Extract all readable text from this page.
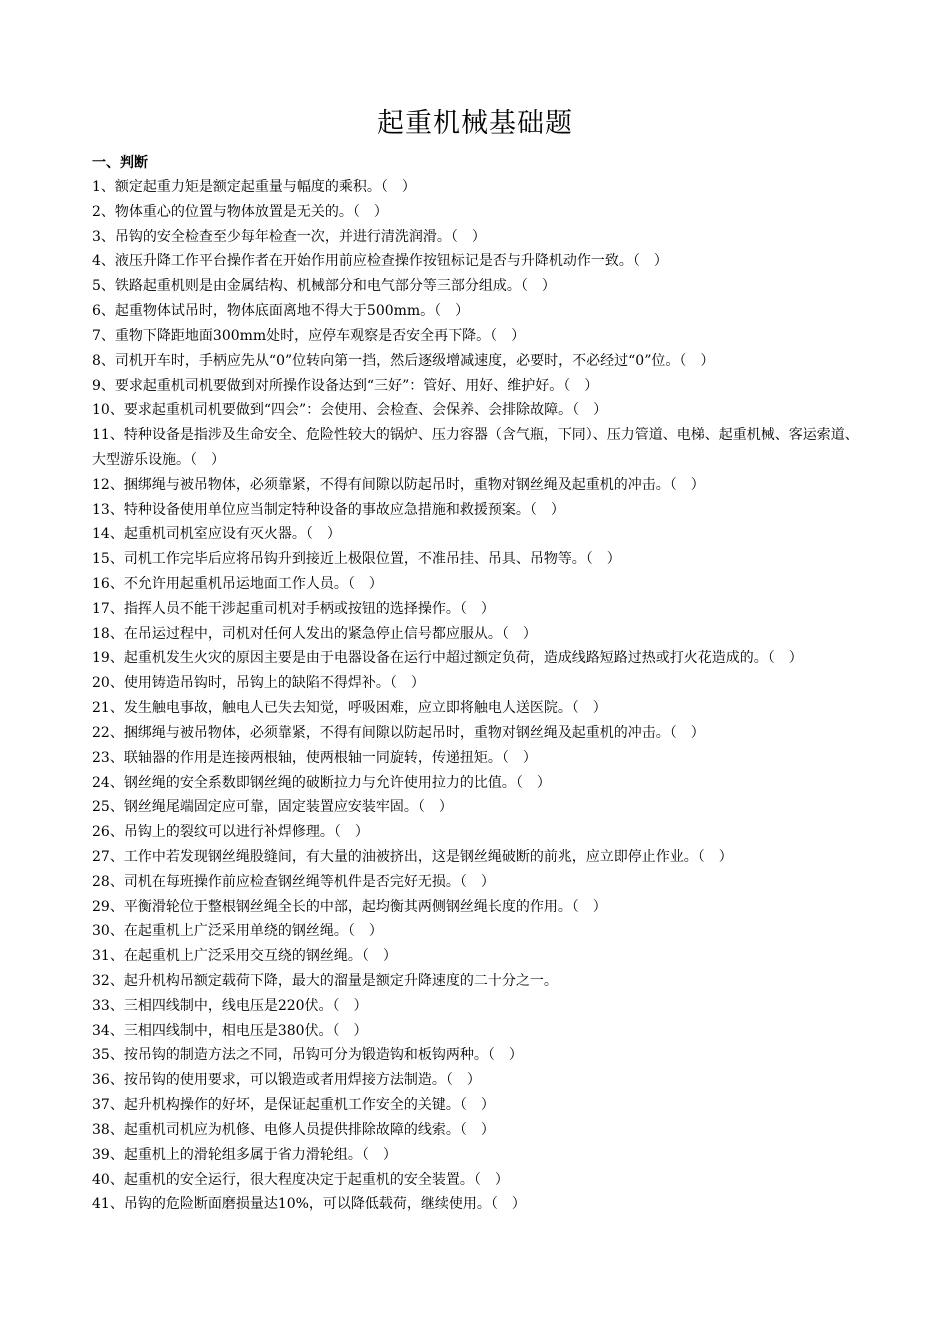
起重机械基础题
一、判断
1、额定起重力矩是额定起重量与幅度的乘积。（　）
2、物体重心的位置与物体放置是无关的。（　）
3、吊钩的安全检查至少每年检查一次，并进行清洗润滑。（　）
4、液压升降工作平台操作者在开始作用前应检查操作按钮标记是否与升降机动作一致。（　）
5、铁路起重机则是由金属结构、机械部分和电气部分等三部分组成。（　）
6、起重物体试吊时，物体底面离地不得大于500mm。（　）
7、重物下降距地面300mm处时，应停车观察是否安全再下降。（　）
8、司机开车时，手柄应先从“0”位转向第一挡，然后逐级增减速度，必要时，不必经过“0”位。（　）
9、要求起重机司机要做到对所操作设备达到“三好”：管好、用好、维护好。（　）
10、要求起重机司机要做到“四会”：会使用、会检查、会保养、会排除故障。（　）
11、特种设备是指涉及生命安全、危险性较大的锅炉、压力容器（含气瓶，下同）、压力管道、电梯、起重机械、客运索道、大型游乐设施。（　）
12、捆绑绳与被吊物体，必须靠紧，不得有间隙以防起吊时，重物对钢丝绳及起重机的冲击。（　）
13、特种设备使用单位应当制定特种设备的事故应急措施和救援预案。（　）
14、起重机司机室应设有灭火器。（　）
15、司机工作完毕后应将吊钩升到接近上极限位置，不准吊挂、吊具、吊物等。（　）
16、不允许用起重机吊运地面工作人员。（　）
17、指挥人员不能干涉起重司机对手柄或按钮的选择操作。（　）
18、在吊运过程中，司机对任何人发出的紧急停止信号都应服从。（　）
19、起重机发生火灾的原因主要是由于电器设备在运行中超过额定负荷，造成线路短路过热或打火花造成的。（　）
20、使用铸造吊钩时，吊钩上的缺陷不得焊补。（　）
21、发生触电事故，触电人已失去知觉，呼吸困难，应立即将触电人送医院。（　）
22、捆绑绳与被吊物体，必须靠紧，不得有间隙以防起吊时，重物对钢丝绳及起重机的冲击。（　）
23、联轴器的作用是连接两根轴，使两根轴一同旋转，传递扭矩。（　）
24、钢丝绳的安全系数即钢丝绳的破断拉力与允许使用拉力的比值。（　）
25、钢丝绳尾端固定应可靠，固定装置应安装牢固。（　）
26、吊钩上的裂纹可以进行补焊修理。（　）
27、工作中若发现钢丝绳股缝间，有大量的油被挤出，这是钢丝绳破断的前兆，应立即停止作业。（　）
28、司机在每班操作前应检查钢丝绳等机件是否完好无损。（　）
29、平衡滑轮位于整根钢丝绳全长的中部，起均衡其两侧钢丝绳长度的作用。（　）
30、在起重机上广泛采用单绕的钢丝绳。（　）
31、在起重机上广泛采用交互绕的钢丝绳。（　）
32、起升机构吊额定载荷下降，最大的溜量是额定升降速度的二十分之一。
33、三相四线制中，线电压是220伏。（　）
34、三相四线制中，相电压是380伏。（　）
35、按吊钩的制造方法之不同，吊钩可分为锻造钩和板钩两种。（　）
36、按吊钩的使用要求，可以锻造或者用焊接方法制造。（　）
37、起升机构操作的好坏，是保证起重机工作安全的关键。（　）
38、起重机司机应为机修、电修人员提供排除故障的线索。（　）
39、起重机上的滑轮组多属于省力滑轮组。（　）
40、起重机的安全运行，很大程度决定于起重机的安全装置。（　）
41、吊钩的危险断面磨损量达10%，可以降低载荷，继续使用。（　）
